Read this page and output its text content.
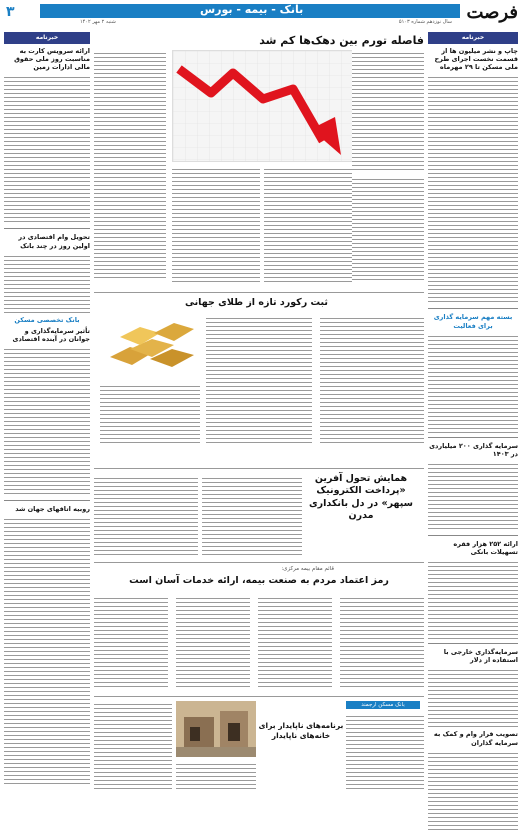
فرصت
بانک - بیمه - بورس
سال نوزدهم شماره ۵۱۰۳
شنبه ۲ مهر ۱۴۰۲
۳
خبرنامه
چاپ و نشر میلیون ها از قسمت نخست اجرای طرح ملی مسکن تا ۲۹ مهرماه
بسته مهم سرمایه گذاری برای فعالیت
سرمایه گذاری ۲۰۰ میلیاردی در ۱۴۰۳
ارائه ۲۵۲ هزار فقره تسهیلات بانکی
سرمایه‌گذاری خارجی با استفاده از دلار
تصویب قرار وام و کمک به سرمایه گذاران
خبرنامه
ارائه سرویس کارت به مناسبت روز ملی حقوق مالی ادارات زمین
تحویل وام اقتصادی در اولین روز در چند بانک
بانک تخصصی مسکن
تأثیر سرمایه‌گذاری و جوانان در آینده اقتصادی
روبیه اتاقهای جهان شد
فاصله تورم بین دهک‌ها کم شد
ثبت رکورد تازه از طلای جهانی
همایش تحول آفرین «پرداخت الکترونیک سپهر» در دل بانکداری مدرن
قائم مقام بیمه مرکزی:
رمز اعتماد مردم به صنعت بیمه، ارائه خدمات آسان است
بانک مسکن ارجمند
برنامه‌های ناپایدار برای خانه‌های ناپایدار
